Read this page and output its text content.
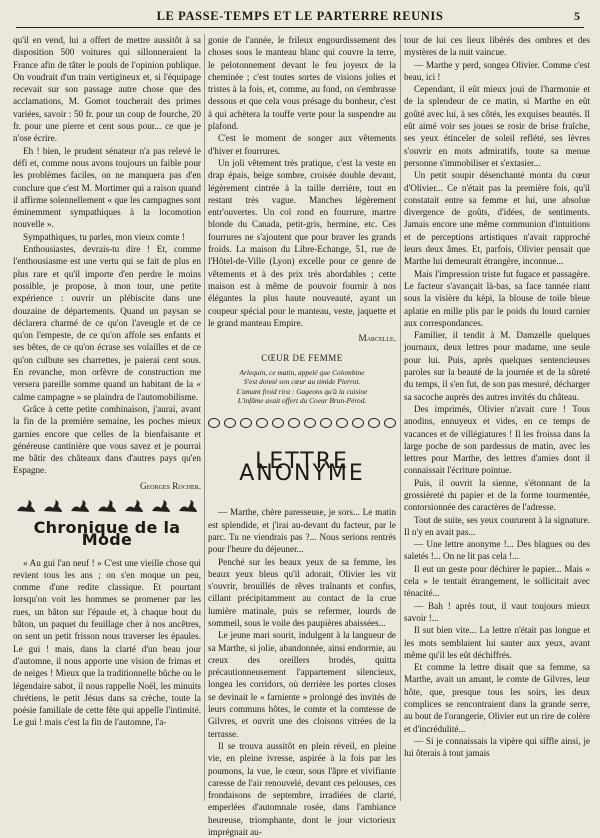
LE PASSE-TEMPS ET LE PARTERRE REUNIS	5

qu'il en vend, lui a offert de mettre aussitôt à sa disposition 500 voitures qui sillonneraient la France afin de tâter le pouls de l'opinion publique. On voudrait d'un train vertigineux et, si l'équipage recevait sur son passage autre chose que des acclamations, M. Gomot toucherait des primes variées, savoir : 50 fr. pour un coup de fourche, 20 fr. pour une pierre et cent sous pour... ce que je n'ose écrire.

Eh ! bien, le prudent sénateur n'a pas relevé le défi et, comme nous avons toujours un faible pour les problèmes faciles, on ne manquera pas d'en conclure que c'est M. Mortimer qui a raison quand il affirme solennellement « que les campagnes sont éminemment sympathiques à la locomotion nouvelle ».

Sympathiques, tu parles, mon vieux comte !

Enthousiastes, devrais-tu dire ! Et, comme l'enthousiasme est une vertu qui se fait de plus en plus rare et qu'il importe d'en perdre le moins possible, je propose, à mon tour, une petite expérience : ouvrir un plébiscite dans une douzaine de départements. Quand un paysan se déclarera charmé de ce qu'on l'aveugle et de ce qu'on l'empeste, de ce qu'on affole ses enfants et ses bêtes, de ce qu'on écrase ses volailles et de ce qu'on culbute ses charrettes, je paierai cent sous. En revanche, mon orfèvre de construction me versera pareille somme quand un habitant de la « calme campagne » se plaindra de l'automobilisme.

Grâce à cette petite combinaison, j'aurai, avant la fin de la première semaine, les poches mieux garnies encore que celles de la bienfaisante et généreuse cantinière que vous savez et je pourrai me bâtir des châteaux dans d'autres pays qu'en Espagne.

Georges Rocher.
Chronique de la Mode

« Au gui l'an neuf ! » C'est une vieille chose qui revient tous les ans ; on s'en moque un peu, comme d'une redite classique. Et pourtant lorsqu'on voit les hommes se promener par les rues, un bâton sur l'épaule et, à chaque bout du bâton, un paquet du feuillage cher à nos ancêtres, on sent un petit frisson nous traverser les épaules. Le gui ! mais, dans la clarté d'un beau jour d'automne, il nous apporte une vision de frimas et de neiges ! Mieux que la traditionnelle bûche ou le légendaire sabot, il nous rappelle Noël, les minuits chrétiens, le petit Jésus dans sa crèche, toute la poésie familiale de cette fête qui appelle l'intimité. Le gui ! mais c'est la fin de l'automne, l'a-

gonie de l'année, le frileux engourdissement des choses sous le manteau blanc qui couvre la terre, le pelotonnement devant le feu joyeux de la cheminée ; c'est toutes sortes de visions jolies et tristes à la fois, et, comme, au fond, on s'embrasse dessous et que cela vous présage du bonheur, c'est à qui achètera la touffe verte pour la suspendre au plafond.

C'est le moment de songer aux vêtements d'hiver et fourrures.

Un joli vêtement très pratique, c'est la veste en drap épais, beige sombre, croisée double devant, légèrement cintrée à la taille derrière, tout en restant très vague. Manches légèrement entr'ouvertes. Un col rond en fourrure, martre blonde du Canada, petit-gris, hermine, etc. Ces fourrures ne s'ajoutent que pour braver les grands froids. La maison du Libre-Echange, 51, rue de l'Hôtel-de-Ville (Lyon) excelle pour ce genre de vêtements et à des prix très abordables ; cette maison est à même de pouvoir fournir à nos élégantes la plus haute nouveauté, ayant un coupeur spécial pour le manteau, veste, jaquette et le grand manteau Empire.

Marcelle.
CŒUR DE FEMME
Arlequin, ce matin, appelé que Colombine
S'est donné son cœur au timide Pierrot.
L'amant froid rira : Gageons qu'à la cuisine
L'infâme avait offert du Coeur Brun-Pérod.
LETTRE ANONYME

— Marthe, chère paresseuse, je sors... Le matin est splendide, et j'irai au-devant du facteur, par le parc. Tu ne viendrais pas ?... Nous serions rentrés pour l'heure du déjeuner...

Penché sur les beaux yeux de sa femme, les beaux yeux bleus qu'il adorait, Olivier les vit s'ouvrir, brouillés de rêves traînants et confus, cillant précipitamment au contact de la crue lumière matinale, puis se refermer, lourds de sommeil, sous le voile des paupières abaissées...

Le jeune mari sourit, indulgent à la langueur de sa Marthe, si jolie, abandonnée, ainsi endormie, au creux des oreillers brodés, quitta précautionneusement l'appartement silencieux, longea les corridors, où derrière les portes closes se devinait le « farniente » prolongé des invités de leurs communs hôtes, le comte et la comtesse de Gilvres, et ouvrit une des cloisons vitrées de la terrasse.

Il se trouva aussitôt en plein réveil, en pleine vie, en pleine ivresse, aspirée à la fois par les poumons, la vue, le cœur, sous l'âpre et vivifiante caresse de l'air renouvelé, devant ces pelouses, ces frondaisons de septembre, irradiées de clarté, emperlées d'automnale rosée, dans l'ambiance heureuse, triomphante, dont le jour victorieux imprégnait au-

tour de lui ces lieux libérés des ombres et des mystères de la nuit vaincue.

— Marthe y perd, songea Olivier. Comme c'est beau, ici !

Cependant, il eût mieux joui de l'harmonie et de la splendeur de ce matin, si Marthe en eût goûté avec lui, à ses côtés, les exquises beautés. Il eût aimé voir ses joues se rosir de brise fraîche, ses yeux étinceler de soleil reflété, ses lèvres s'ouvrir en mots admiratifs, toute sa menue personne s'immobiliser et s'extasier...

Un petit soupir désenchanté monta du cœur d'Olivier... Ce n'était pas la première fois, qu'il constatait entre sa femme et lui, une absolue divergence de goûts, d'idées, de sentiments. Jamais encore une même communion d'intuitions et de perceptions artistiques n'avait rapproché leurs deux âmes. Et, parfois, Olivier pensait que Marthe lui demeurait étrangère, inconnue...

Mais l'impression triste fut fugace et passagère. Le facteur s'avançait là-bas, sa face tannée riant sous la visière du képi, la blouse de toile bleue aplatie en mille plis par le poids du lourd carnier aux correspondances.

Familier, il tendit à M. Damzelle quelques journaux, deux lettres pour madame, une seule pour lui. Puis, après quelques sentencieuses paroles sur la beauté de la journée et de la sûreté du temps, il s'en fut, de son pas mesuré, décharger sa sacoche auprès des autres invités du château.

Des imprimés, Olivier n'avait cure ! Tous anodins, ennuyeux et vides, en ce temps de vacances et de villégiatures ! Il les froissa dans la large poche de son pardessus de matin, avec les lettres pour Marthe, des lettres d'amies dont il connaissait l'écriture pointue.

Puis, il ouvrit la sienne, s'étonnant de la grossièreté du papier et de la forme tourmentée, contorsionnée des caractères de l'adresse.

Tout de suite, ses yeux coururent à la signature. Il n'y en avait pas...

— Une lettre anonyme !... Des blagues ou des saletés !... On ne lit pas cela !...

Il eut un geste pour déchirer le papier... Mais « cela » le tentait étrangement, le sollicitait avec ténacité...

— Bah ! après tout, il vaut toujours mieux savoir !...

Il sut bien vite... La lettre n'était pas longue et les mots semblaient lui sauter aux yeux, avant même qu'il les eût déchiffrés.

Et comme la lettre disait que sa femme, sa Marthe, avait un amant, le comte de Gilvres, leur hôte, que, presque tous les soirs, les deux complices se rencontraient dans la grande serre, au bout de l'orangerie, Olivier eut un rire de colère et d'incrédulité...

— Si je connaissais la vipère qui siffle ainsi, je lui ôterais à tout jamais
